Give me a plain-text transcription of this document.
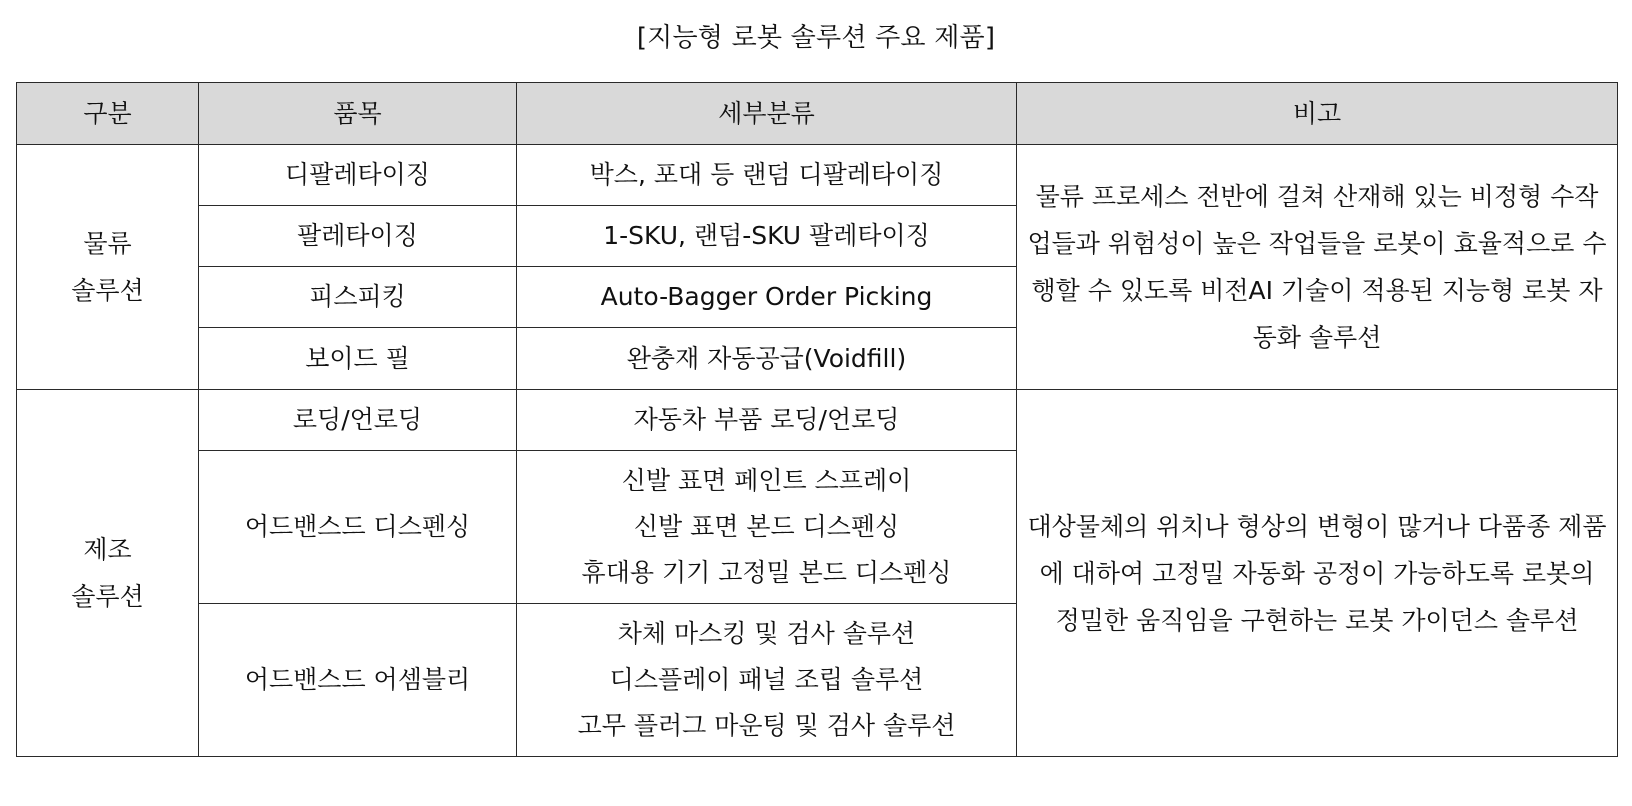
[지능형 로봇 솔루션 주요 제품]
구분	품목	세부분류	비고

물류
솔루션	디팔레타이징	박스, 포대 등 랜덤 디팔레타이징	물류 프로세스 전반에 걸쳐 산재해 있는 비정형 수작업들과 위험성이 높은 작업들을 로봇이 효율적으로 수행할 수 있도록 비전AI 기술이 적용된 지능형 로봇 자동화 솔루션
	팔레타이징	1-SKU, 랜덤-SKU 팔레타이징	
	피스피킹	Auto-Bagger Order Picking	
	보이드 필	완충재 자동공급(Voidfill)	

제조
솔루션	로딩/언로딩	자동차 부품 로딩/언로딩	대상물체의 위치나 형상의 변형이 많거나 다품종 제품에 대하여 고정밀 자동화 공정이 가능하도록 로봇의 정밀한 움직임을 구현하는 로봇 가이던스 솔루션
	어드밴스드 디스펜싱	신발 표면 페인트 스프레이
신발 표면 본드 디스펜싱
휴대용 기기 고정밀 본드 디스펜싱	

	어드밴스드 어셈블리	차체 마스킹 및 검사 솔루션
디스플레이 패널 조립 솔루션
고무 플러그 마운팅 및 검사 솔루션	
